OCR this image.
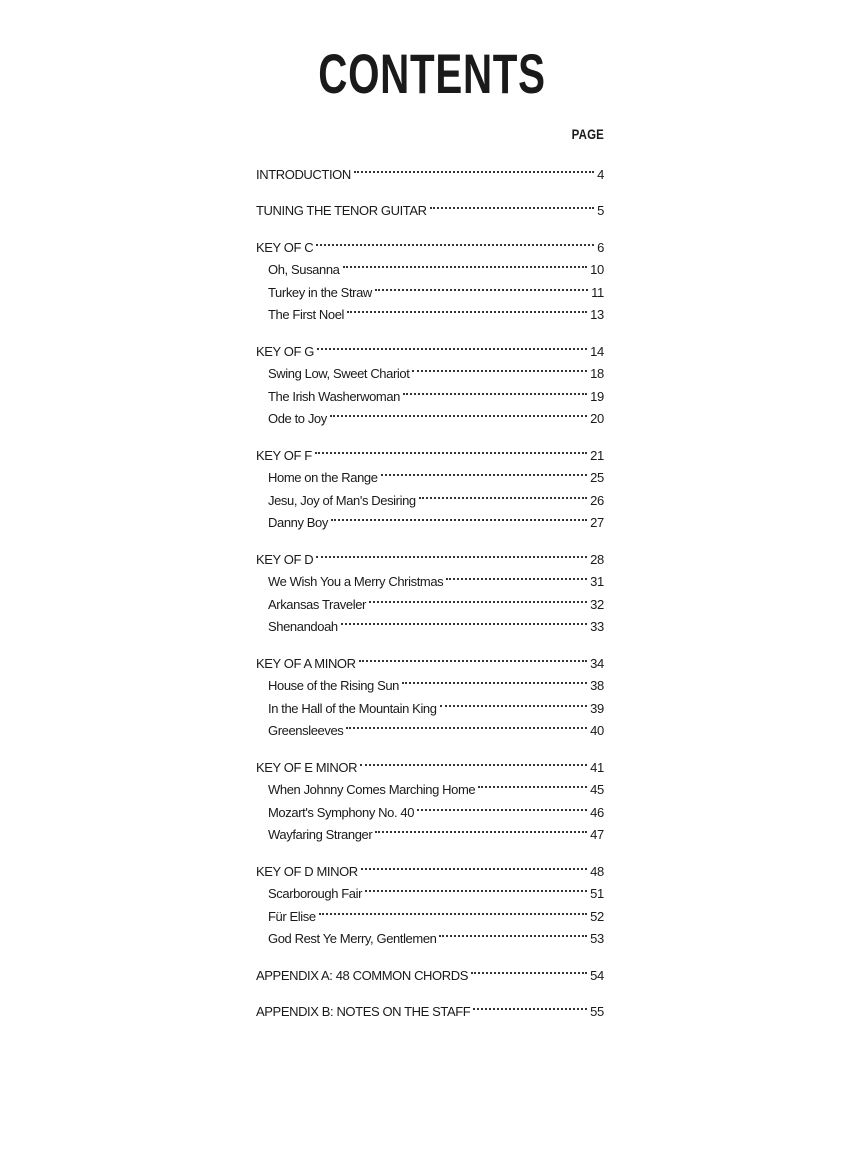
CONTENTS
PAGE
INTRODUCTION	4
TUNING THE TENOR GUITAR	5
KEY OF C	6
Oh, Susanna	10
Turkey in the Straw	11
The First Noel	13
KEY OF G	14
Swing Low, Sweet Chariot	18
The Irish Washerwoman	19
Ode to Joy	20
KEY OF F	21
Home on the Range	25
Jesu, Joy of Man's Desiring	26
Danny Boy	27
KEY OF D	28
We Wish You a Merry Christmas	31
Arkansas Traveler	32
Shenandoah	33
KEY OF A MINOR	34
House of the Rising Sun	38
In the Hall of the Mountain King	39
Greensleeves	40
KEY OF E MINOR	41
When Johnny Comes Marching Home	45
Mozart's Symphony No. 40	46
Wayfaring Stranger	47
KEY OF D MINOR	48
Scarborough Fair	51
Für Elise	52
God Rest Ye Merry, Gentlemen	53
APPENDIX A: 48 COMMON CHORDS	54
APPENDIX B: NOTES ON THE STAFF	55
